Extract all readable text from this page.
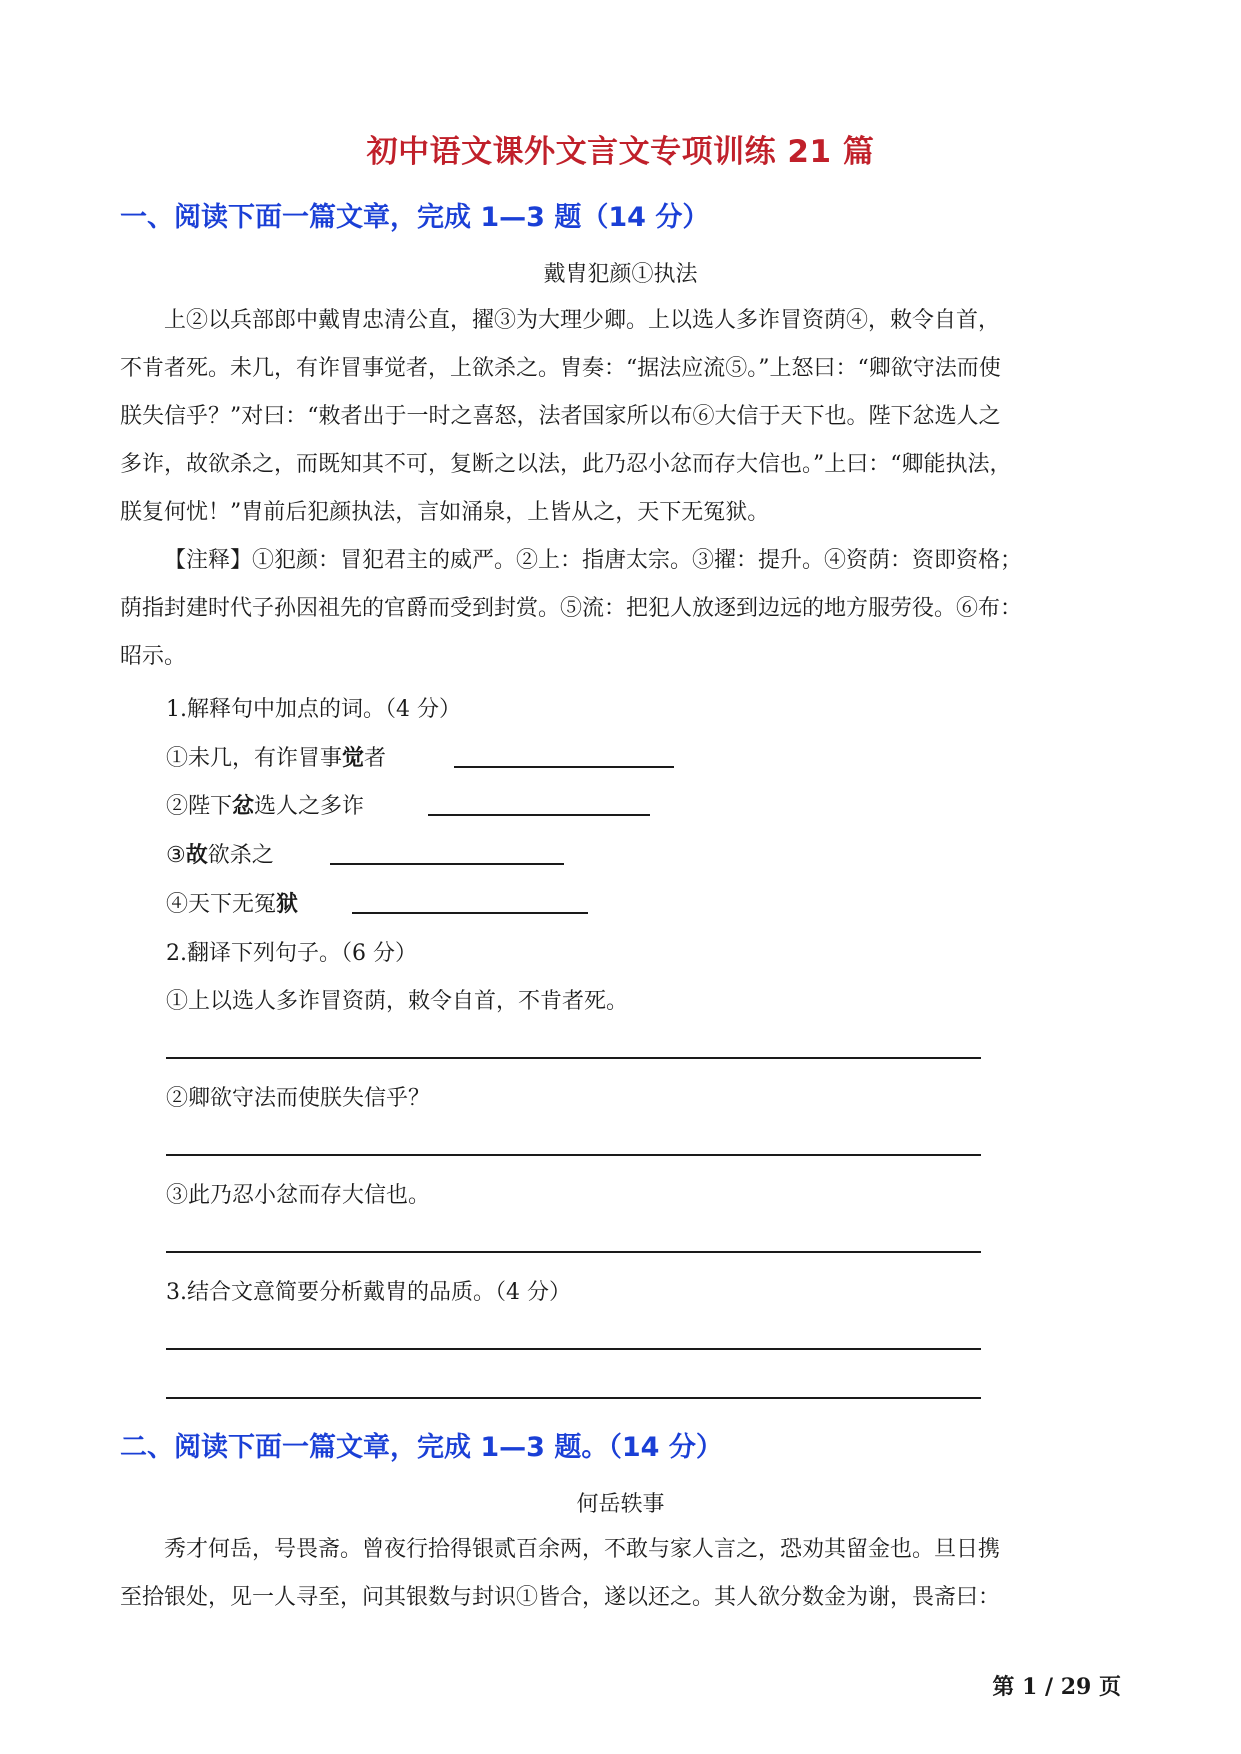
初中语文课外文言文专项训练 21 篇
一、阅读下面一篇文章，完成 1—3 题（14 分）
戴胄犯颜①执法
上②以兵部郎中戴胄忠清公直，擢③为大理少卿。上以选人多诈冒资荫④，敕令自首，
不肯者死。未几，有诈冒事觉者，上欲杀之。胄奏：“据法应流⑤。”上怒曰：“卿欲守法而使
朕失信乎？”对曰：“敕者出于一时之喜怒，法者国家所以布⑥大信于天下也。陛下忿选人之
多诈，故欲杀之，而既知其不可，复断之以法，此乃忍小忿而存大信也。”上曰：“卿能执法，
朕复何忧！”胄前后犯颜执法，言如涌泉，上皆从之，天下无冤狱。
【注释】①犯颜：冒犯君主的威严。②上：指唐太宗。③擢：提升。④资荫：资即资格；
荫指封建时代子孙因祖先的官爵而受到封赏。⑤流：把犯人放逐到边远的地方服劳役。⑥布：
昭示。
1.解释句中加点的词。（4 分）
①未几，有诈冒事觉者
②陛下忿选人之多诈
③故欲杀之
④天下无冤狱
2.翻译下列句子。（6 分）
①上以选人多诈冒资荫，敕令自首，不肯者死。
②卿欲守法而使朕失信乎？
③此乃忍小忿而存大信也。
3.结合文意简要分析戴胄的品质。（4 分）
二、阅读下面一篇文章，完成 1—3 题。（14 分）
何岳轶事
秀才何岳，号畏斋。曾夜行拾得银贰百余两，不敢与家人言之，恐劝其留金也。旦日携
至拾银处，见一人寻至，问其银数与封识①皆合，遂以还之。其人欲分数金为谢，畏斋曰：
第 1 / 29 页
